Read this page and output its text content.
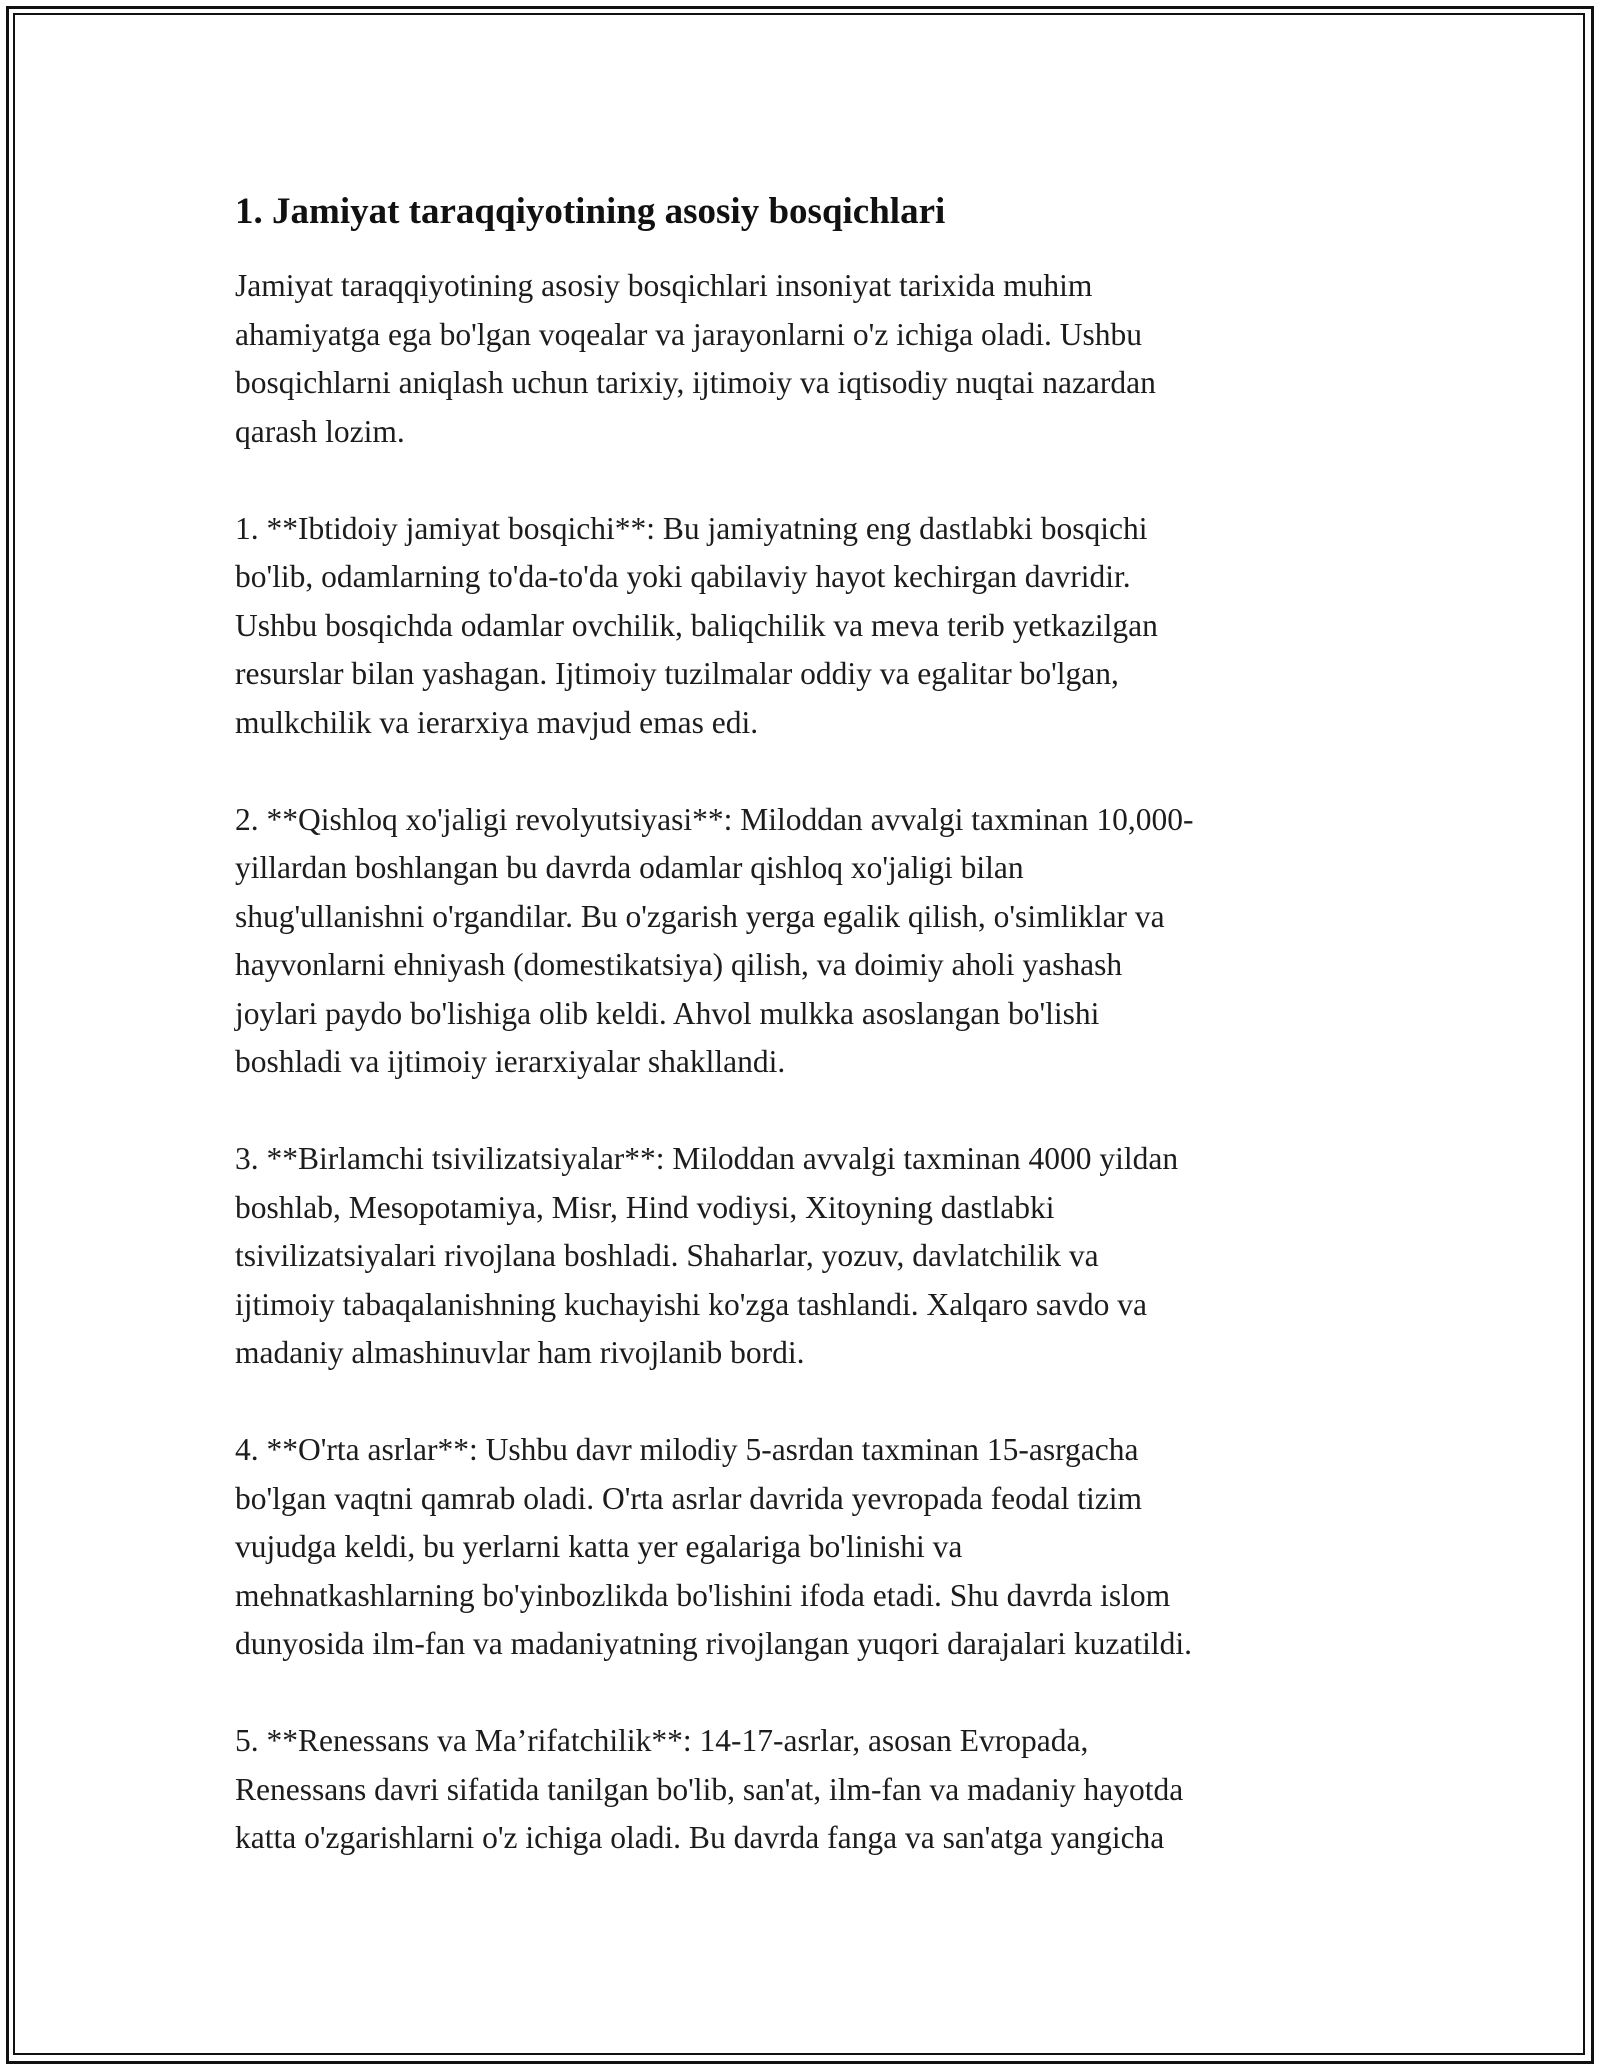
1. Jamiyat taraqqiyotining asosiy bosqichlari

Jamiyat taraqqiyotining asosiy bosqichlari insoniyat tarixida muhim
ahamiyatga ega bo'lgan voqealar va jarayonlarni o'z ichiga oladi. Ushbu
bosqichlarni aniqlash uchun tarixiy, ijtimoiy va iqtisodiy nuqtai nazardan
qarash lozim.

1. **Ibtidoiy jamiyat bosqichi**: Bu jamiyatning eng dastlabki bosqichi
bo'lib, odamlarning to'da-to'da yoki qabilaviy hayot kechirgan davridir.
Ushbu bosqichda odamlar ovchilik, baliqchilik va meva terib yetkazilgan
resurslar bilan yashagan. Ijtimoiy tuzilmalar oddiy va egalitar bo'lgan,
mulkchilik va ierarxiya mavjud emas edi.

2. **Qishloq xo'jaligi revolyutsiyasi**: Miloddan avvalgi taxminan 10,000-
yillardan boshlangan bu davrda odamlar qishloq xo'jaligi bilan
shug'ullanishni o'rgandilar. Bu o'zgarish yerga egalik qilish, o'simliklar va
hayvonlarni ehniyash (domestikatsiya) qilish, va doimiy aholi yashash
joylari paydo bo'lishiga olib keldi. Ahvol mulkka asoslangan bo'lishi
boshladi va ijtimoiy ierarxiyalar shakllandi.

3. **Birlamchi tsivilizatsiyalar**: Miloddan avvalgi taxminan 4000 yildan
boshlab, Mesopotamiya, Misr, Hind vodiysi, Xitoyning dastlabki
tsivilizatsiyalari rivojlana boshladi. Shaharlar, yozuv, davlatchilik va
ijtimoiy tabaqalanishning kuchayishi ko'zga tashlandi. Xalqaro savdo va
madaniy almashinuvlar ham rivojlanib bordi.

4. **O'rta asrlar**: Ushbu davr milodiy 5-asrdan taxminan 15-asrgacha
bo'lgan vaqtni qamrab oladi. O'rta asrlar davrida yevropada feodal tizim
vujudga keldi, bu yerlarni katta yer egalariga bo'linishi va
mehnatkashlarning bo'yinbozlikda bo'lishini ifoda etadi. Shu davrda islom
dunyosida ilm-fan va madaniyatning rivojlangan yuqori darajalari kuzatildi.

5. **Renessans va Ma’rifatchilik**: 14-17-asrlar, asosan Evropada,
Renessans davri sifatida tanilgan bo'lib, san'at, ilm-fan va madaniy hayotda
katta o'zgarishlarni o'z ichiga oladi. Bu davrda fanga va san'atga yangicha
